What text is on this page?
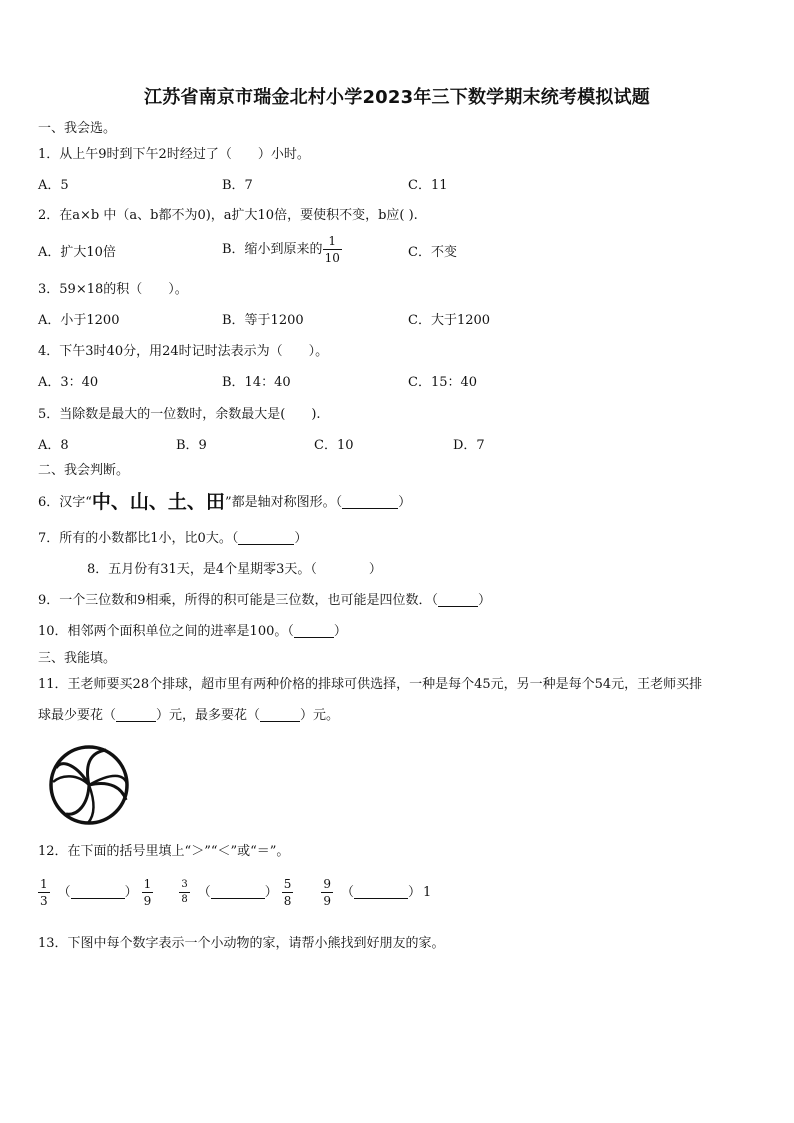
江苏省南京市瑞金北村小学2023年三下数学期末统考模拟试题
一、我会选。
1．从上午9时到下午2时经过了（　　）小时。
A．5	B．7	C．11
2．在a×b 中（a、b都不为0)，a扩大10倍，要使积不变，b应( ).
A．扩大10倍	B．缩小到原来的 $\frac{1}{10}$	C．不变
3．59×18的积（　　）。
A．小于1200	B．等于1200	C．大于1200
4．下午3时40分，用24时记时法表示为（　　）。
A．3：40	B．14：40	C．15：40
5．当除数是最大的一位数时，余数最大是(　　).
A．8	B．9	C．10	D．7
二、我会判断。
6．汉字“ 中、山、土、田 ”都是轴对称图形。（	）
7．所有的小数都比1小，比0大。（	）
8．五月份有31天，是4个星期零3天。（　　　　）
9．一个三位数和9相乘，所得的积可能是三位数，也可能是四位数．（	）
10．相邻两个面积单位之间的进率是100。（	）
三、我能填。
11．王老师要买28个排球，超市里有两种价格的排球可供选择，一种是每个45元，另一种是每个54元，王老师买排
球最少要花（	）元，最多要花（	）元。
12．在下面的括号里填上“＞”“＜”或“＝”。
$\frac{1}{3}$ （	） $\frac{1}{9}$	$\frac{3}{8}$ （	） $\frac{5}{8} \frac{9}{9}$ （	） 1
13．下图中每个数字表示一个小动物的家，请帮小熊找到好朋友的家。
